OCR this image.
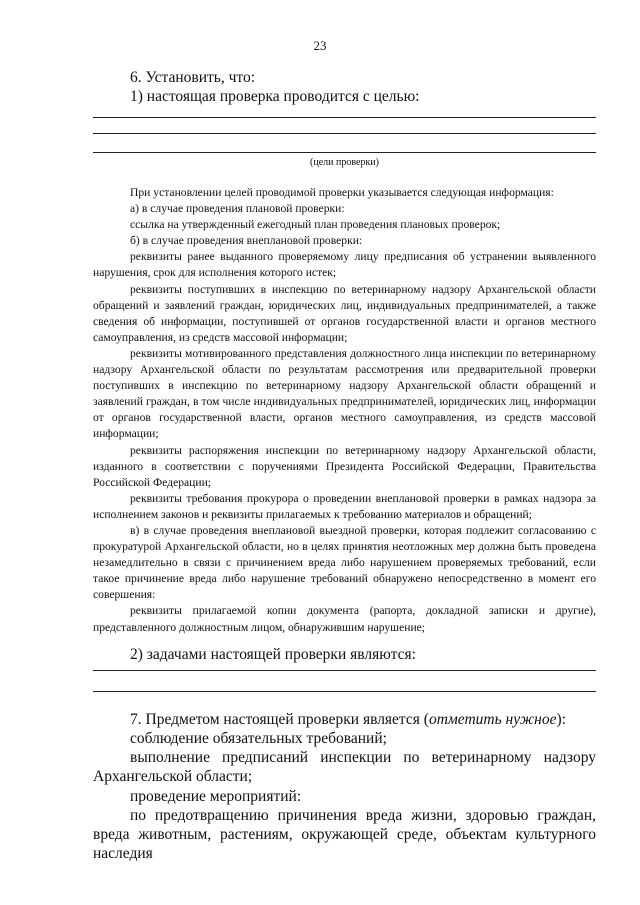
23
6. Установить, что:
1) настоящая проверка проводится с целью:
(цели проверки)

При установлении целей проводимой проверки указывается следующая информация:

а) в случае проведения плановой проверки:

ссылка на утвержденный ежегодный план проведения плановых проверок;

б) в случае проведения внеплановой проверки:

реквизиты ранее выданного проверяемому лицу предписания об устранении выявленного нарушения, срок для исполнения которого истек;

реквизиты поступивших в инспекцию по ветеринарному надзору Архангельской области обращений и заявлений граждан, юридических лиц, индивидуальных предпринимателей, а также сведения об информации, поступившей от органов государственной власти и органов местного самоуправления, из средств массовой информации;

реквизиты мотивированного представления должностного лица инспекции по ветеринарному надзору Архангельской области по результатам рассмотрения или предварительной проверки поступивших в инспекцию по ветеринарному надзору Архангельской области обращений и заявлений граждан, в том числе индивидуальных предпринимателей, юридических лиц, информации от органов государственной власти, органов местного самоуправления, из средств массовой информации;

реквизиты распоряжения инспекции по ветеринарному надзору Архангельской области, изданного в соответствии с поручениями Президента Российской Федерации, Правительства Российской Федерации;

реквизиты требования прокурора о проведении внеплановой проверки в рамках надзора за исполнением законов и реквизиты прилагаемых к требованию материалов и обращений;

в) в случае проведения внеплановой выездной проверки, которая подлежит согласованию с прокуратурой Архангельской области, но в целях принятия неотложных мер должна быть проведена незамедлительно в связи с причинением вреда либо нарушением проверяемых требований, если такое причинение вреда либо нарушение требований обнаружено непосредственно в момент его совершения:

реквизиты прилагаемой копии документа (рапорта, докладной записки и другие), представленного должностным лицом, обнаружившим нарушение;

2) задачами настоящей проверки являются:
7. Предметом настоящей проверки является (отметить нужное):

соблюдение обязательных требований;

выполнение предписаний инспекции по ветеринарному надзору Архангельской области;

проведение мероприятий:

по предотвращению причинения вреда жизни, здоровью граждан, вреда животным, растениям, окружающей среде, объектам культурного наследия
